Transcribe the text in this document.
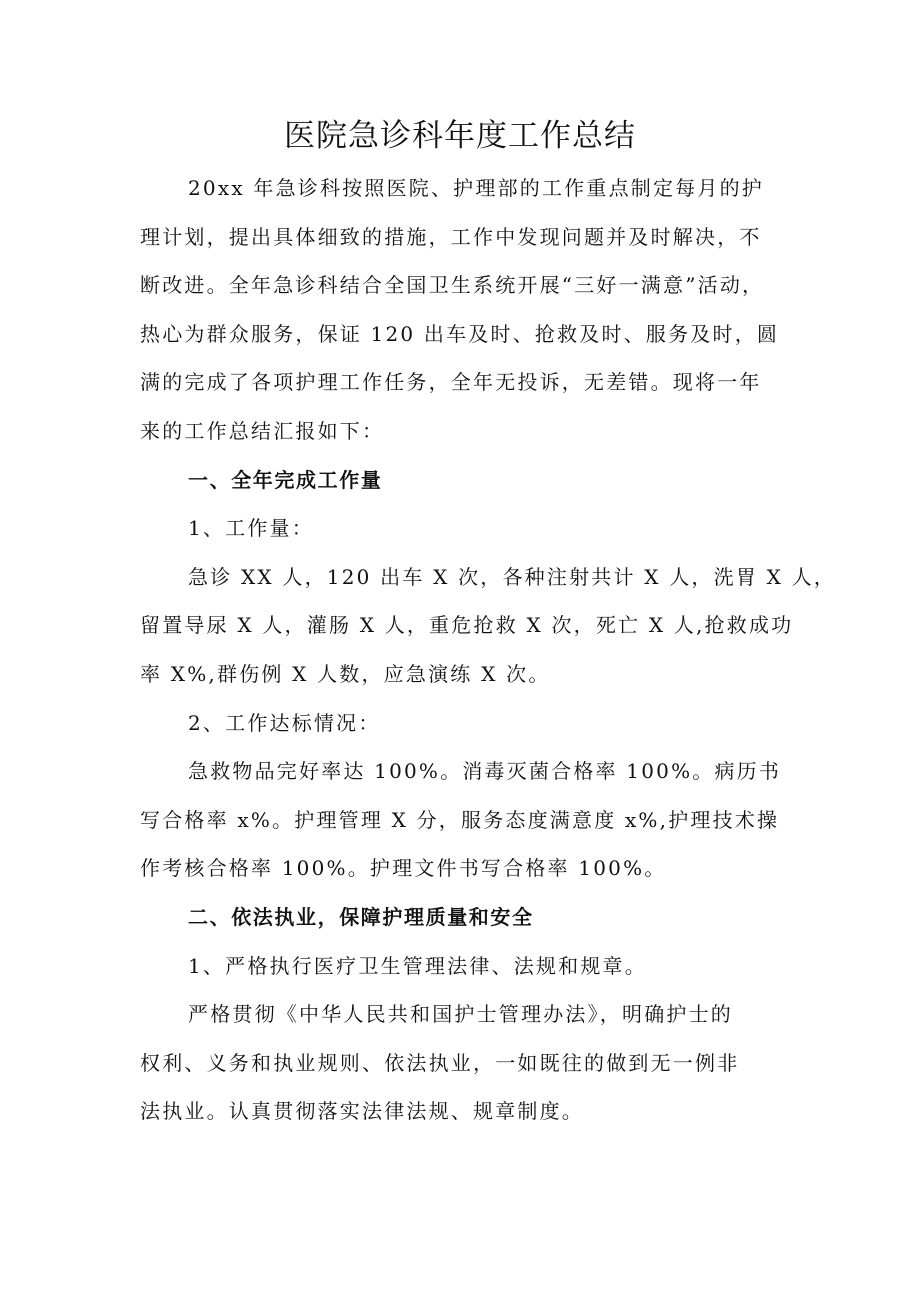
医院急诊科年度工作总结
20xx 年急诊科按照医院、护理部的工作重点制定每月的护
理计划，提出具体细致的措施，工作中发现问题并及时解决，不
断改进。全年急诊科结合全国卫生系统开展“三好一满意”活动，
热心为群众服务，保证 120 出车及时、抢救及时、服务及时，圆
满的完成了各项护理工作任务，全年无投诉，无差错。现将一年
来的工作总结汇报如下：
一、全年完成工作量
1、工作量：
急诊 XX 人，120 出车 X 次，各种注射共计 X 人，洗胃 X 人，
留置导尿 X 人，灌肠 X 人，重危抢救 X 次，死亡 X 人,抢救成功
率 X%,群伤例 X 人数，应急演练 X 次。
2、工作达标情况：
急救物品完好率达 100%。消毒灭菌合格率 100%。病历书
写合格率 x%。护理管理 X 分，服务态度满意度 x%,护理技术操
作考核合格率 100%。护理文件书写合格率 100%。
二、依法执业，保障护理质量和安全
1、严格执行医疗卫生管理法律、法规和规章。
严格贯彻《中华人民共和国护士管理办法》，明确护士的
权利、义务和执业规则、依法执业，一如既往的做到无一例非
法执业。认真贯彻落实法律法规、规章制度。
